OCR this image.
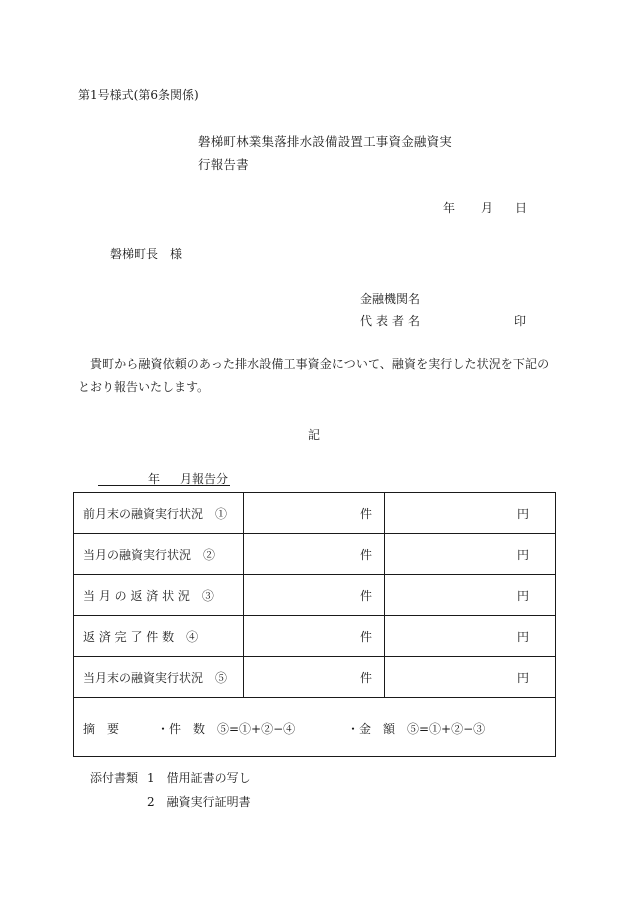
第1号様式(第6条関係)
磐梯町林業集落排水設備設置工事資金融資実
行報告書
年 月 日
磐梯町長　様
金融機関名
代表者名	印
貴町から融資依頼のあった排水設備工事資金について、融資を実行した状況を下記の
とおり報告いたします。
記
年 月報告分
前月末の融資実行状況　①	件	円
当月の融資実行状況　②	件	円
当 月 の 返 済 状 況　③	件	円
返 済 完 了 件 数　④	件	円
当月末の融資実行状況　⑤	件	円

摘　要 ・件　数　⑤=①+②−④ ・金　額　⑤=①+②−③		
添付書類 1　借用証書の写し
2　融資実行証明書
